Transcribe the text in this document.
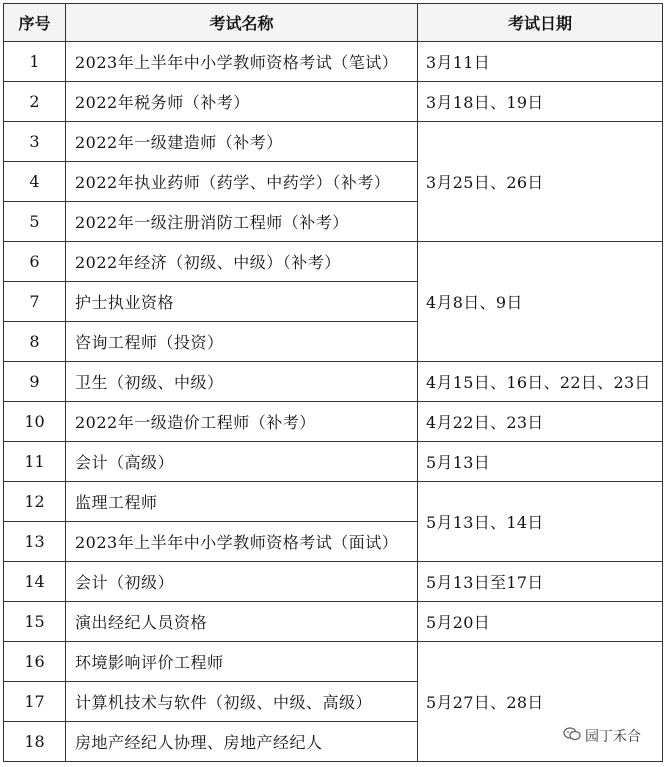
序号	考试名称	考试日期
1	2023年上半年中小学教师资格考试（笔试）	3月11日
2	2022年税务师（补考）	3月18日、19日
3	2022年一级建造师（补考）	3月25日、26日
4	2022年执业药师（药学、中药学）（补考）	
5	2022年一级注册消防工程师（补考）	
6	2022年经济（初级、中级）（补考）	4月8日、9日
7	护士执业资格	
8	咨询工程师（投资）	
9	卫生（初级、中级）	4月15日、16日、22日、23日
10	2022年一级造价工程师（补考）	4月22日、23日
11	会计（高级）	5月13日
12	监理工程师	5月13日、14日
13	2023年上半年中小学教师资格考试（面试）	
14	会计（初级）	5月13日至17日
15	演出经纪人员资格	5月20日
16	环境影响评价工程师	5月27日、28日
17	计算机技术与软件（初级、中级、高级）	
18	房地产经纪人协理、房地产经纪人		园丁禾合
